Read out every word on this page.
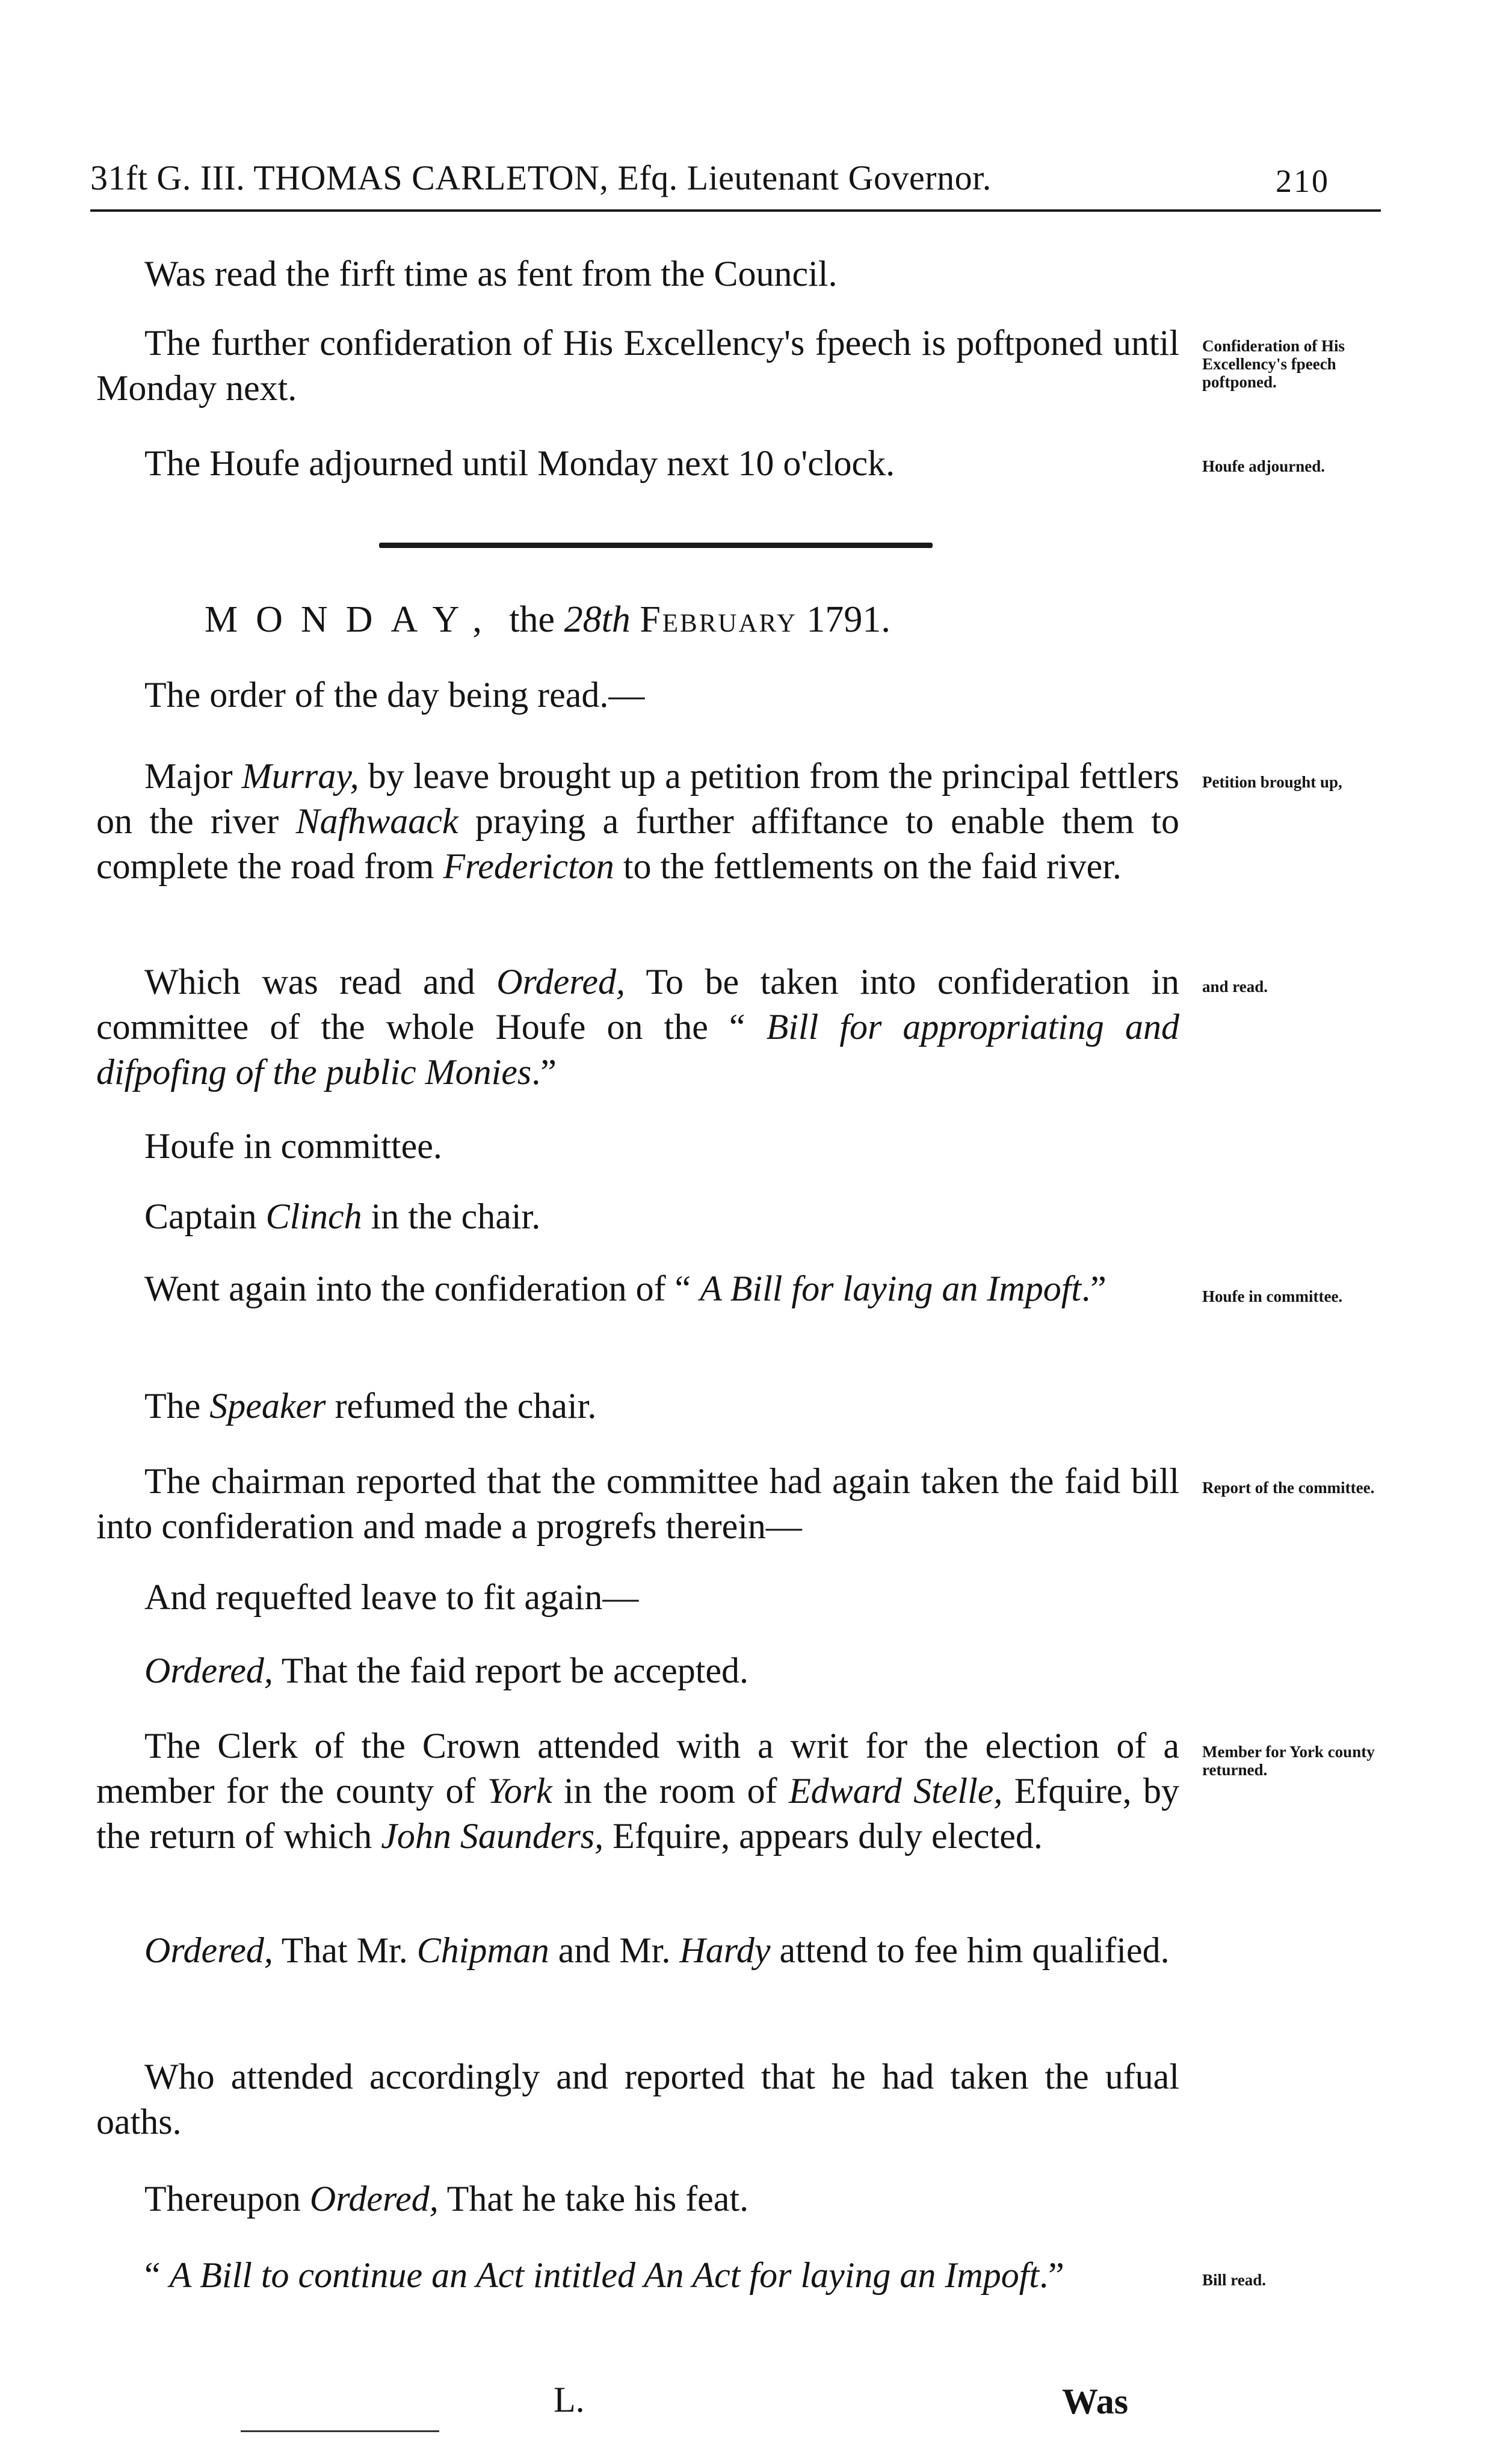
31ft G. III. THOMAS CARLETON, Efq. Lieutenant Governor.	210

Was read the firft time as fent from the Council.

The further confideration of His Excellency's fpeech is poftponed until Monday next.

Confideration of His Excellency's fpeech poftponed.

The Houfe adjourned until Monday next 10 o'clock.	Houfe adjourned.
MONDAY, the 28th February 1791.

The order of the day being read.—

Major Murray, by leave brought up a petition from the principal fettlers on the river Nafhwaack praying a further affiftance to enable them to complete the road from Fredericton to the fettlements on the faid river.

Petition brought up,

Which was read and Ordered, To be taken into confideration in committee of the whole Houfe on the “ Bill for appropriating and difpofing of the public Monies.”

and read.

Houfe in committee.

Captain Clinch in the chair.

Went again into the confideration of “ A Bill for laying an Impoft.”	Houfe in committee.

The Speaker refumed the chair.

The chairman reported that the committee had again taken the faid bill into confideration and made a progrefs therein—

Report of the committee.

And requefted leave to fit again—

Ordered, That the faid report be accepted.

The Clerk of the Crown attended with a writ for the election of a member for the county of York in the room of Edward Stelle, Efquire, by the return of which John Saunders, Efquire, appears duly elected.

Member for York county returned.

Ordered, That Mr. Chipman and Mr. Hardy attend to fee him qualified.

Who attended accordingly and reported that he had taken the ufual oaths.

Thereupon Ordered, That he take his feat.

“ A Bill to continue an Act intitled An Act for laying an Impoft.”	Bill read.
L.	Was
